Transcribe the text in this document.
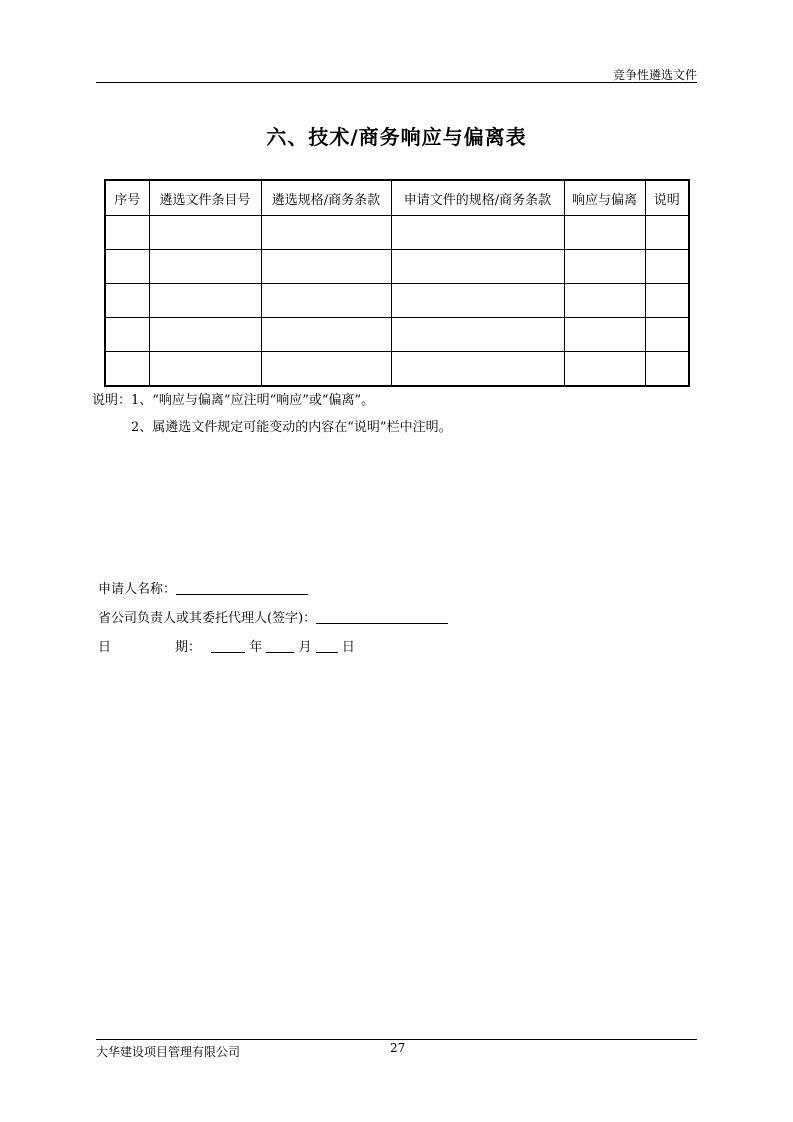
竞争性遴选文件
六、技术/商务响应与偏离表
序号	遴选文件条目号	遴选规格/商务条款	申请文件的规格/商务条款	响应与偏离	说明

说明：1、“响应与偏离”应注明“响应”或“偏离”。
2、属遴选文件规定可能变动的内容在“说明”栏中注明。
申请人名称：
省公司负责人或其委托代理人(签字)：
日	期：	年	月 日
大华建设项目管理有限公司	27
